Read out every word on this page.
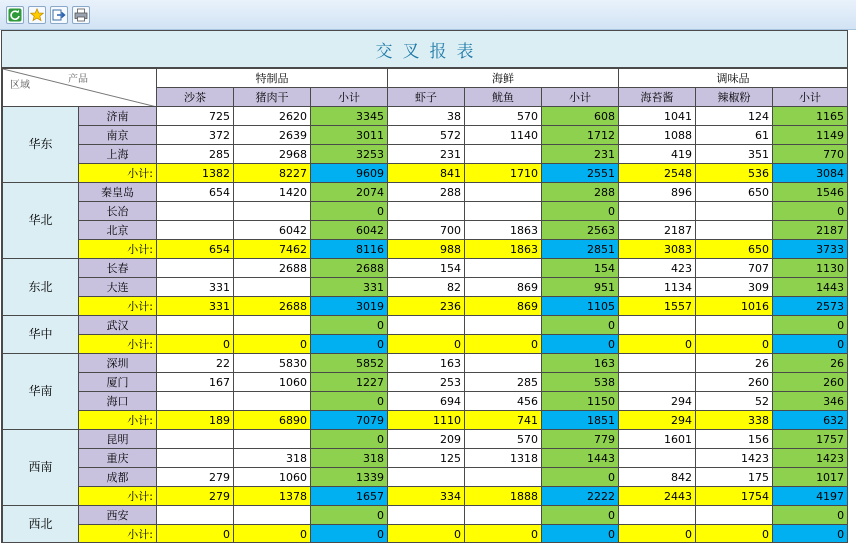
交叉报表
产品
区域		特制品			海鲜			调味品		
		沙茶	猪肉干	小计	虾子	鱿鱼	小计	海苔酱	辣椒粉	小计
华东	济南	725	2620	3345	38	570	608	1041	124	1165
	南京	372	2639	3011	572	1140	1712	1088	61	1149
	上海	285	2968	3253	231		231	419	351	770
	小计:	1382	8227	9609	841	1710	2551	2548	536	3084
华北	秦皇岛	654	1420	2074	288		288	896	650	1546
	长冶			0			0			0
	北京		6042	6042	700	1863	2563	2187		2187
	小计:	654	7462	8116	988	1863	2851	3083	650	3733
东北	长春		2688	2688	154		154	423	707	1130
	大连	331		331	82	869	951	1134	309	1443
	小计:	331	2688	3019	236	869	1105	1557	1016	2573
华中	武汉			0			0			0
	小计:	0	0	0	0	0	0	0	0	0
华南	深圳	22	5830	5852	163		163		26	26
	厦门	167	1060	1227	253	285	538		260	260
	海口			0	694	456	1150	294	52	346
	小计:	189	6890	7079	1110	741	1851	294	338	632
西南	昆明			0	209	570	779	1601	156	1757
	重庆		318	318	125	1318	1443		1423	1423
	成都	279	1060	1339			0	842	175	1017
	小计:	279	1378	1657	334	1888	2222	2443	1754	4197
西北	西安			0			0			0
	小计:	0	0	0	0	0	0	0	0	0
